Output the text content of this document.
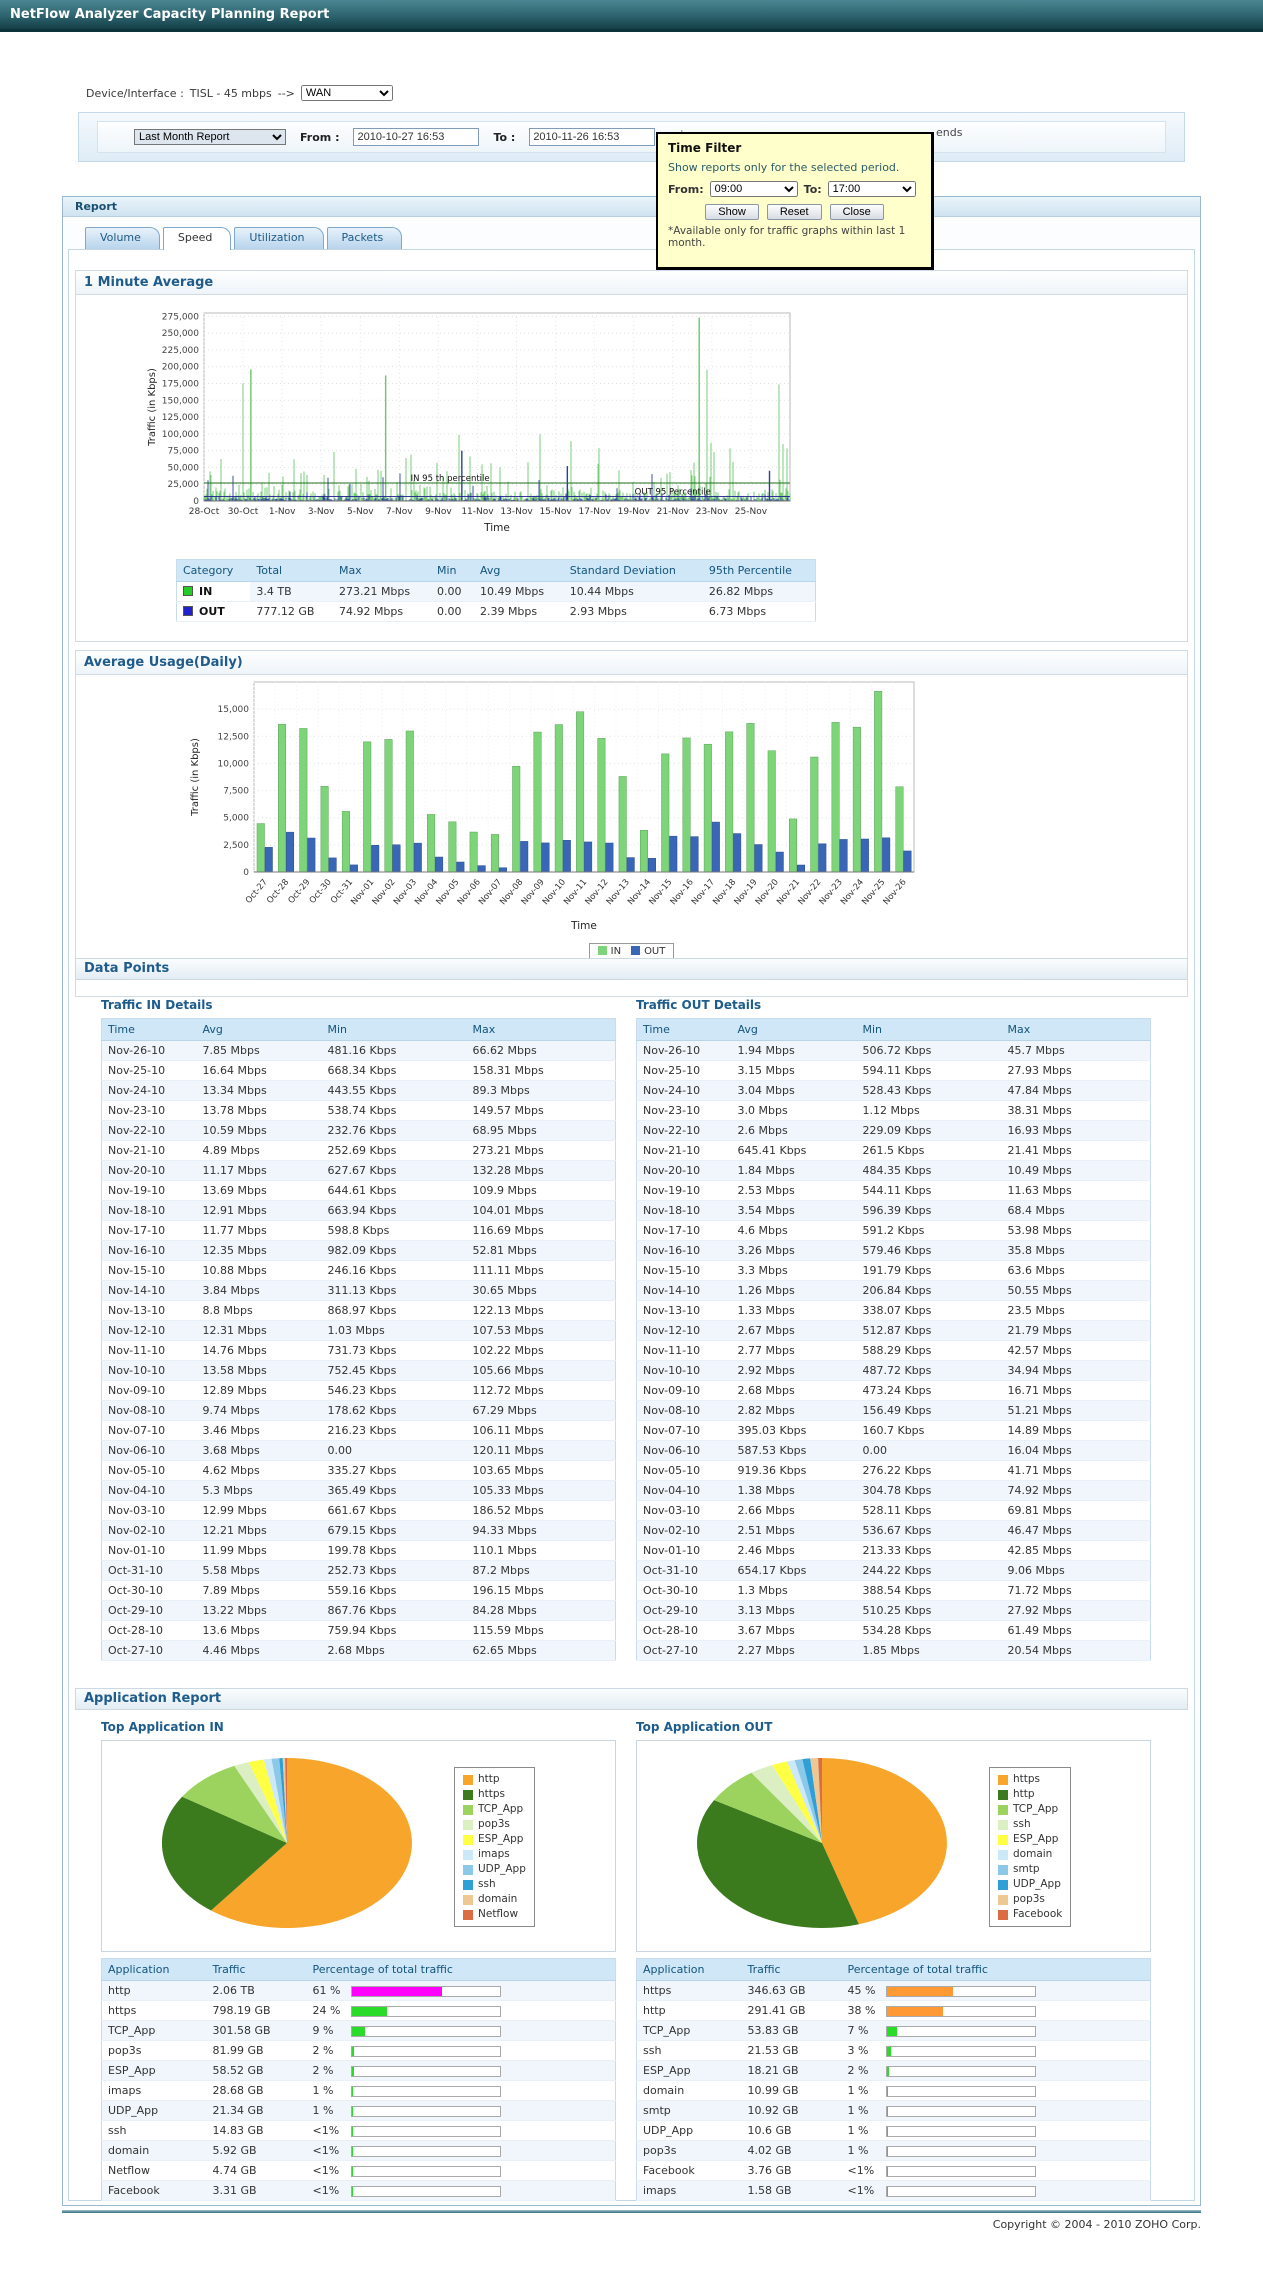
NetFlow Analyzer Capacity Planning Report
Device/Interface : TISL - 45 mbps -->
WAN
Last Month Report
From :
2010-10-27 16:53	To :
2010-11-26 16:53	ends
Time Filter
Show reports only for the selected period.
From:
09:00	To:
17:00
Show	Reset	Close
*Available only for traffic graphs within last 1 month.
Report
Volume	Speed	Utilization	Packets
1 Minute Average
28-Oct 30-Oct 1-Nov 3-Nov 5-Nov 7-Nov 9-Nov 11-Nov 13-Nov 15-Nov 17-Nov 19-Nov 21-Nov 23-Nov 25-Nov
0
25,000
50,000
75,000
100,000
125,000
150,000
175,000
200,000
225,000
250,000
275,000
IN 95 th percentile
OUT 95 Percentile
Time
Traffic (in Kbps)
Category	Total	Max	Min	Avg	Standard Deviation	95th Percentile
IN	3.4 TB	273.21 Mbps	0.00	10.49 Mbps	10.44 Mbps	26.82 Mbps
OUT	777.12 GB	74.92 Mbps	0.00	2.39 Mbps	2.93 Mbps	6.73 Mbps
Average Usage(Daily)
0
2,500
5,000
7,500
10,000
12,500
15,000
Oct-27
Oct-28
Oct-29
Oct-30
Oct-31
Nov-01
Nov-02
Nov-03
Nov-04
Nov-05
Nov-06
Nov-07
Nov-08
Nov-09
Nov-10
Nov-11
Nov-12
Nov-13
Nov-14
Nov-15
Nov-16
Nov-17
Nov-18
Nov-19
Nov-20
Nov-21
Nov-22
Nov-23
Nov-24
Nov-25
Nov-26
Time
Traffic (in Kbps)
IN	OUT
Data Points
Traffic IN Details	Traffic OUT Details
Time	Avg	Min	Max
Nov-26-10	7.85 Mbps	481.16 Kbps	66.62 Mbps
Nov-25-10	16.64 Mbps	668.34 Kbps	158.31 Mbps
Nov-24-10	13.34 Mbps	443.55 Kbps	89.3 Mbps
Nov-23-10	13.78 Mbps	538.74 Kbps	149.57 Mbps
Nov-22-10	10.59 Mbps	232.76 Kbps	68.95 Mbps
Nov-21-10	4.89 Mbps	252.69 Kbps	273.21 Mbps
Nov-20-10	11.17 Mbps	627.67 Kbps	132.28 Mbps
Nov-19-10	13.69 Mbps	644.61 Kbps	109.9 Mbps
Nov-18-10	12.91 Mbps	663.94 Kbps	104.01 Mbps
Nov-17-10	11.77 Mbps	598.8 Kbps	116.69 Mbps
Nov-16-10	12.35 Mbps	982.09 Kbps	52.81 Mbps
Nov-15-10	10.88 Mbps	246.16 Kbps	111.11 Mbps
Nov-14-10	3.84 Mbps	311.13 Kbps	30.65 Mbps
Nov-13-10	8.8 Mbps	868.97 Kbps	122.13 Mbps
Nov-12-10	12.31 Mbps	1.03 Mbps	107.53 Mbps
Nov-11-10	14.76 Mbps	731.73 Kbps	102.22 Mbps
Nov-10-10	13.58 Mbps	752.45 Kbps	105.66 Mbps
Nov-09-10	12.89 Mbps	546.23 Kbps	112.72 Mbps
Nov-08-10	9.74 Mbps	178.62 Kbps	67.29 Mbps
Nov-07-10	3.46 Mbps	216.23 Kbps	106.11 Mbps
Nov-06-10	3.68 Mbps	0.00	120.11 Mbps
Nov-05-10	4.62 Mbps	335.27 Kbps	103.65 Mbps
Nov-04-10	5.3 Mbps	365.49 Kbps	105.33 Mbps
Nov-03-10	12.99 Mbps	661.67 Kbps	186.52 Mbps
Nov-02-10	12.21 Mbps	679.15 Kbps	94.33 Mbps
Nov-01-10	11.99 Mbps	199.78 Kbps	110.1 Mbps
Oct-31-10	5.58 Mbps	252.73 Kbps	87.2 Mbps
Oct-30-10	7.89 Mbps	559.16 Kbps	196.15 Mbps
Oct-29-10	13.22 Mbps	867.76 Kbps	84.28 Mbps
Oct-28-10	13.6 Mbps	759.94 Kbps	115.59 Mbps
Oct-27-10	4.46 Mbps	2.68 Mbps	62.65 Mbps
Time	Avg	Min	Max
Nov-26-10	1.94 Mbps	506.72 Kbps	45.7 Mbps
Nov-25-10	3.15 Mbps	594.11 Kbps	27.93 Mbps
Nov-24-10	3.04 Mbps	528.43 Kbps	47.84 Mbps
Nov-23-10	3.0 Mbps	1.12 Mbps	38.31 Mbps
Nov-22-10	2.6 Mbps	229.09 Kbps	16.93 Mbps
Nov-21-10	645.41 Kbps	261.5 Kbps	21.41 Mbps
Nov-20-10	1.84 Mbps	484.35 Kbps	10.49 Mbps
Nov-19-10	2.53 Mbps	544.11 Kbps	11.63 Mbps
Nov-18-10	3.54 Mbps	596.39 Kbps	68.4 Mbps
Nov-17-10	4.6 Mbps	591.2 Kbps	53.98 Mbps
Nov-16-10	3.26 Mbps	579.46 Kbps	35.8 Mbps
Nov-15-10	3.3 Mbps	191.79 Kbps	63.6 Mbps
Nov-14-10	1.26 Mbps	206.84 Kbps	50.55 Mbps
Nov-13-10	1.33 Mbps	338.07 Kbps	23.5 Mbps
Nov-12-10	2.67 Mbps	512.87 Kbps	21.79 Mbps
Nov-11-10	2.77 Mbps	588.29 Kbps	42.57 Mbps
Nov-10-10	2.92 Mbps	487.72 Kbps	34.94 Mbps
Nov-09-10	2.68 Mbps	473.24 Kbps	16.71 Mbps
Nov-08-10	2.82 Mbps	156.49 Kbps	51.21 Mbps
Nov-07-10	395.03 Kbps	160.7 Kbps	14.89 Mbps
Nov-06-10	587.53 Kbps	0.00	16.04 Mbps
Nov-05-10	919.36 Kbps	276.22 Kbps	41.71 Mbps
Nov-04-10	1.38 Mbps	304.78 Kbps	74.92 Mbps
Nov-03-10	2.66 Mbps	528.11 Kbps	69.81 Mbps
Nov-02-10	2.51 Mbps	536.67 Kbps	46.47 Mbps
Nov-01-10	2.46 Mbps	213.33 Kbps	42.85 Mbps
Oct-31-10	654.17 Kbps	244.22 Kbps	9.06 Mbps
Oct-30-10	1.3 Mbps	388.54 Kbps	71.72 Mbps
Oct-29-10	3.13 Mbps	510.25 Kbps	27.92 Mbps
Oct-28-10	3.67 Mbps	534.28 Kbps	61.49 Mbps
Oct-27-10	2.27 Mbps	1.85 Mbps	20.54 Mbps
Application Report
Top Application IN	Top Application OUT
http
https
TCP_App
pop3s
ESP_App
imaps
UDP_App
ssh
domain
Netflow
https
http
TCP_App
ssh
ESP_App
domain
smtp
UDP_App
pop3s
Facebook
Application	Traffic	Percentage of total traffic
http	2.06 TB	61 %

https	798.19 GB	24 %

TCP_App	301.58 GB	9 %

pop3s	81.99 GB	2 %

ESP_App	58.52 GB	2 %

imaps	28.68 GB	1 %

UDP_App	21.34 GB	1 %

ssh	14.83 GB	<1%

domain	5.92 GB	<1%

Netflow	4.74 GB	<1%

Facebook	3.31 GB	<1%
Application	Traffic	Percentage of total traffic
https	346.63 GB	45 %

http	291.41 GB	38 %

TCP_App	53.83 GB	7 %

ssh	21.53 GB	3 %

ESP_App	18.21 GB	2 %

domain	10.99 GB	1 %

smtp	10.92 GB	1 %

UDP_App	10.6 GB	1 %

pop3s	4.02 GB	1 %

Facebook	3.76 GB	<1%

imaps	1.58 GB	<1%
Copyright © 2004 - 2010 ZOHO Corp.
